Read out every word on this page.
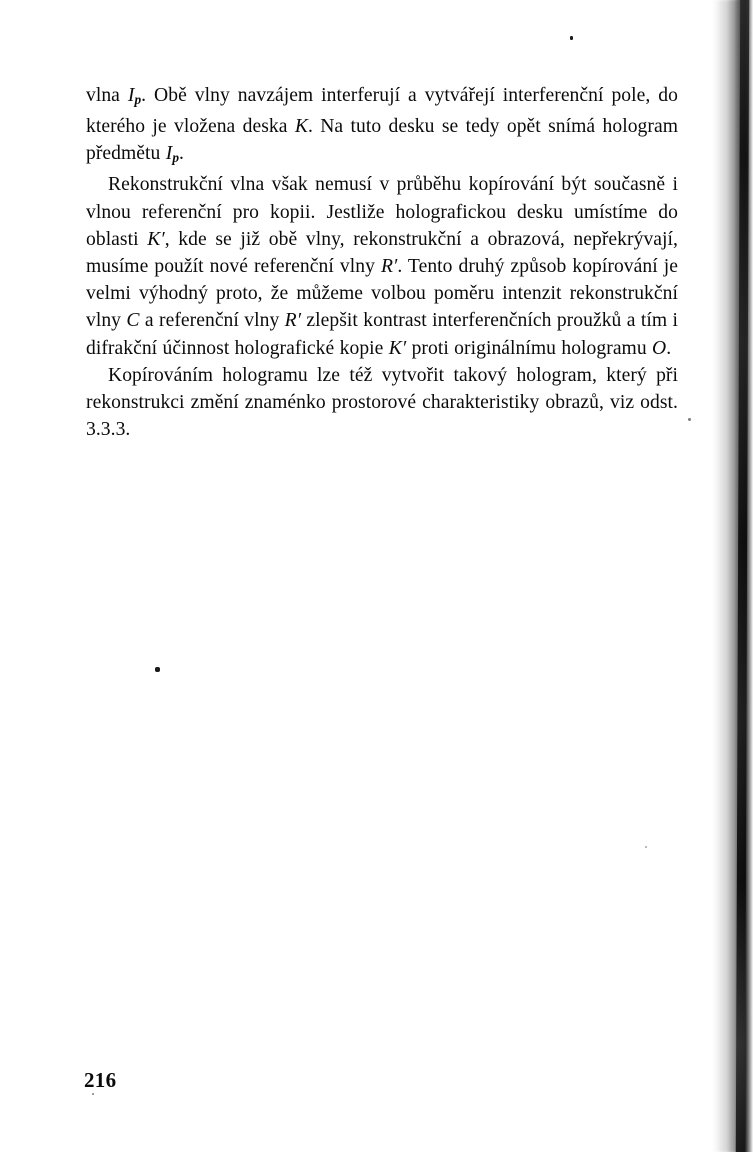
vlna $I_p$. Obě vlny navzájem interferují a vytvářejí interferenční pole, do kterého je vložena deska K. Na tuto desku se tedy opět snímá hologram předmětu $I_p$.

Rekonstrukční vlna však nemusí v průběhu kopírování být současně i vlnou referenční pro kopii. Jestliže holografickou desku umístíme do oblasti K′, kde se již obě vlny, rekonstrukční a obrazová, nepřekrývají, musíme použít nové referenční vlny R′. Tento druhý způsob kopírování je velmi výhodný proto, že můžeme volbou poměru intenzit rekonstrukční vlny C a referenční vlny R′ zlepšit kontrast interferenčních proužků a tím i difrakční účinnost holografické kopie K′ proti originálnímu hologramu O.

Kopírováním hologramu lze též vytvořit takový hologram, který při rekonstrukci změní znaménko prostorové charakteristiky obrazů, viz odst. 3.3.3.

216
